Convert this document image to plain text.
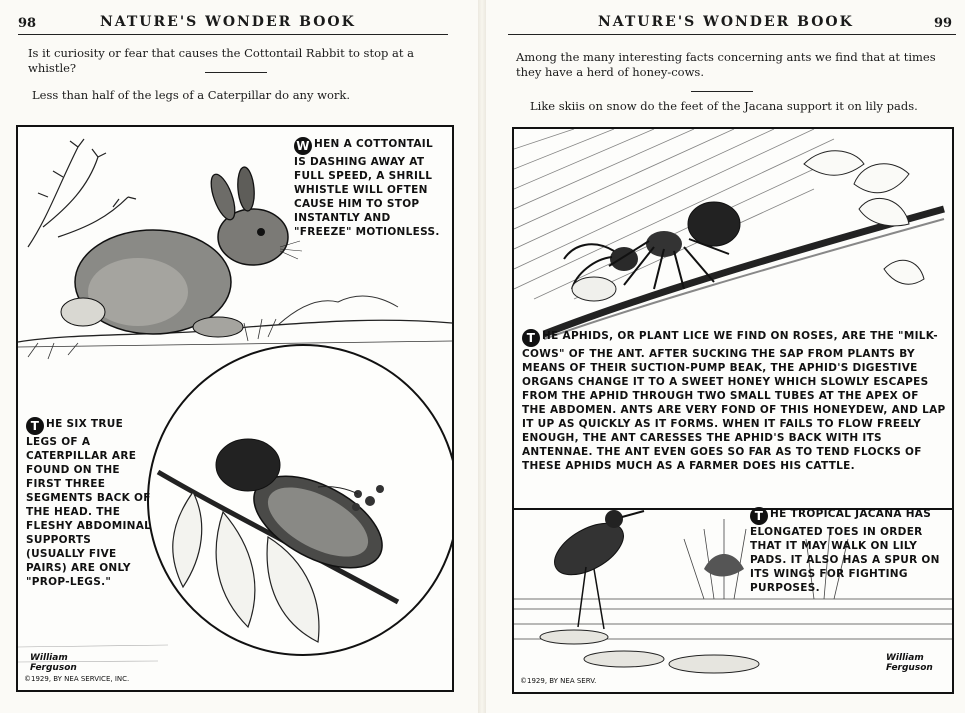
98	NATURE'S WONDER BOOK
Is it curiosity or fear that causes the Cottontail Rabbit to stop at a whistle?
Less than half of the legs of a Caterpillar do any work.
W HEN A COTTONTAIL IS DASHING AWAY AT FULL SPEED, A SHRILL WHISTLE WILL OFTEN CAUSE HIM TO STOP INSTANTLY AND "FREEZE" MOTIONLESS.
T HE SIX TRUE LEGS OF A CATERPILLAR ARE FOUND ON THE FIRST THREE SEGMENTS BACK OF THE HEAD. THE FLESHY ABDOMINAL SUPPORTS (USUALLY FIVE PAIRS) ARE ONLY "PROP-LEGS."
William Ferguson
©1929, BY NEA SERVICE, INC.
NATURE'S WONDER BOOK	99
Among the many interesting facts concerning ants we find that at times they have a herd of honey-cows.
Like skiis on snow do the feet of the Jacana support it on lily pads.
T HE APHIDS, OR PLANT LICE WE FIND ON ROSES, ARE THE "MILK-COWS" OF THE ANT. AFTER SUCKING THE SAP FROM PLANTS BY MEANS OF THEIR SUCTION-PUMP BEAK, THE APHID'S DIGESTIVE ORGANS CHANGE IT TO A SWEET HONEY WHICH SLOWLY ESCAPES FROM THE APHID THROUGH TWO SMALL TUBES AT THE APEX OF THE ABDOMEN. ANTS ARE VERY FOND OF THIS HONEYDEW, AND LAP IT UP AS QUICKLY AS IT FORMS. WHEN IT FAILS TO FLOW FREELY ENOUGH, THE ANT CARESSES THE APHID'S BACK WITH ITS ANTENNAE. THE ANT EVEN GOES SO FAR AS TO TEND FLOCKS OF THESE APHIDS MUCH AS A FARMER DOES HIS CATTLE.
T HE TROPICAL JACANA HAS ELONGATED TOES IN ORDER THAT IT MAY WALK ON LILY PADS. IT ALSO HAS A SPUR ON ITS WINGS FOR FIGHTING PURPOSES.
William Ferguson
©1929, BY NEA SERV.
